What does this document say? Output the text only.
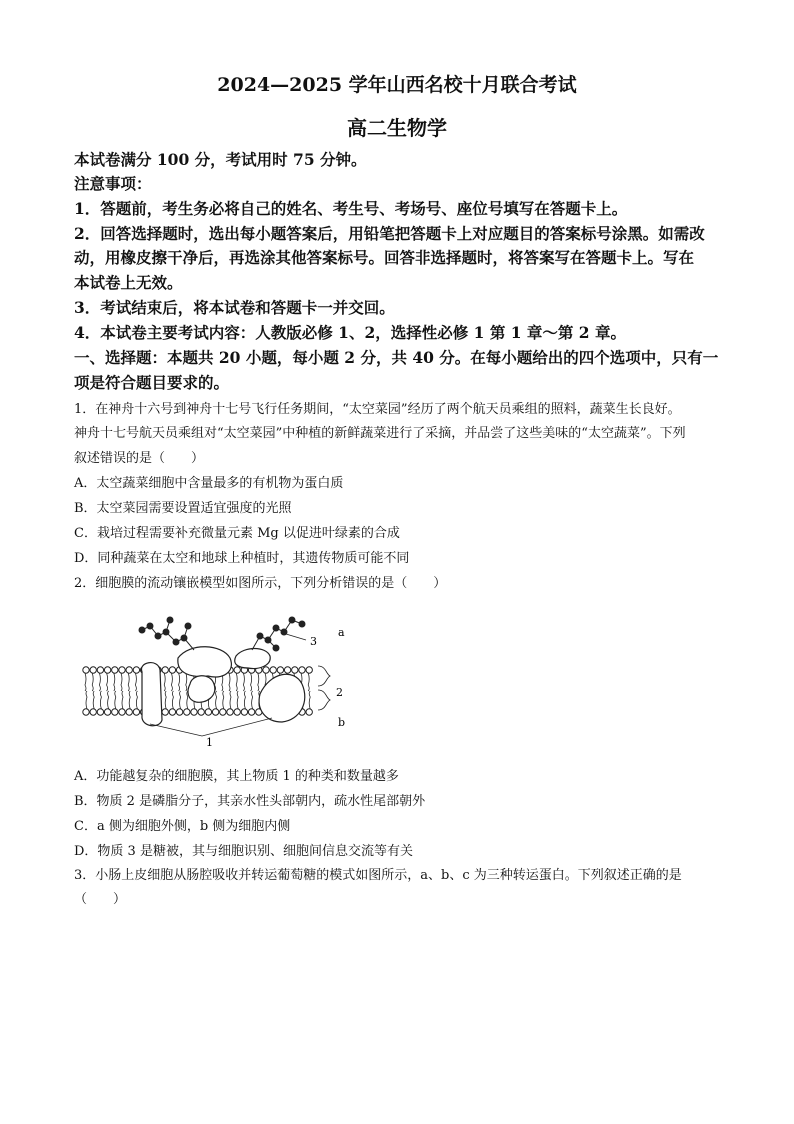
2024—2025 学年山西名校十月联合考试
高二生物学
本试卷满分 100 分，考试用时 75 分钟。
注意事项：
1．答题前，考生务必将自己的姓名、考生号、考场号、座位号填写在答题卡上。
2．回答选择题时，选出每小题答案后，用铅笔把答题卡上对应题目的答案标号涂黑。如需改
动，用橡皮擦干净后，再选涂其他答案标号。回答非选择题时，将答案写在答题卡上。写在
本试卷上无效。
3．考试结束后，将本试卷和答题卡一并交回。
4．本试卷主要考试内容：人教版必修 1、2，选择性必修 1 第 1 章～第 2 章。
一、选择题：本题共 20 小题，每小题 2 分，共 40 分。在每小题给出的四个选项中，只有一
项是符合题目要求的。
1．在神舟十六号到神舟十七号飞行任务期间，“太空菜园”经历了两个航天员乘组的照料，蔬菜生长良好。
神舟十七号航天员乘组对“太空菜园”中种植的新鲜蔬菜进行了采摘，并品尝了这些美味的“太空蔬菜”。下列
叙述错误的是（　　）
A．太空蔬菜细胞中含量最多的有机物为蛋白质
B．太空菜园需要设置适宜强度的光照
C．栽培过程需要补充微量元素 Mg 以促进叶绿素的合成
D．同种蔬菜在太空和地球上种植时，其遗传物质可能不同
2．细胞膜的流动镶嵌模型如图所示，下列分析错误的是（　　）
3
a
2
b
1
A．功能越复杂的细胞膜，其上物质 1 的种类和数量越多
B．物质 2 是磷脂分子，其亲水性头部朝内，疏水性尾部朝外
C．a 侧为细胞外侧，b 侧为细胞内侧
D．物质 3 是糖被，其与细胞识别、细胞间信息交流等有关
3．小肠上皮细胞从肠腔吸收并转运葡萄糖的模式如图所示，a、b、c 为三种转运蛋白。下列叙述正确的是
（　　）
